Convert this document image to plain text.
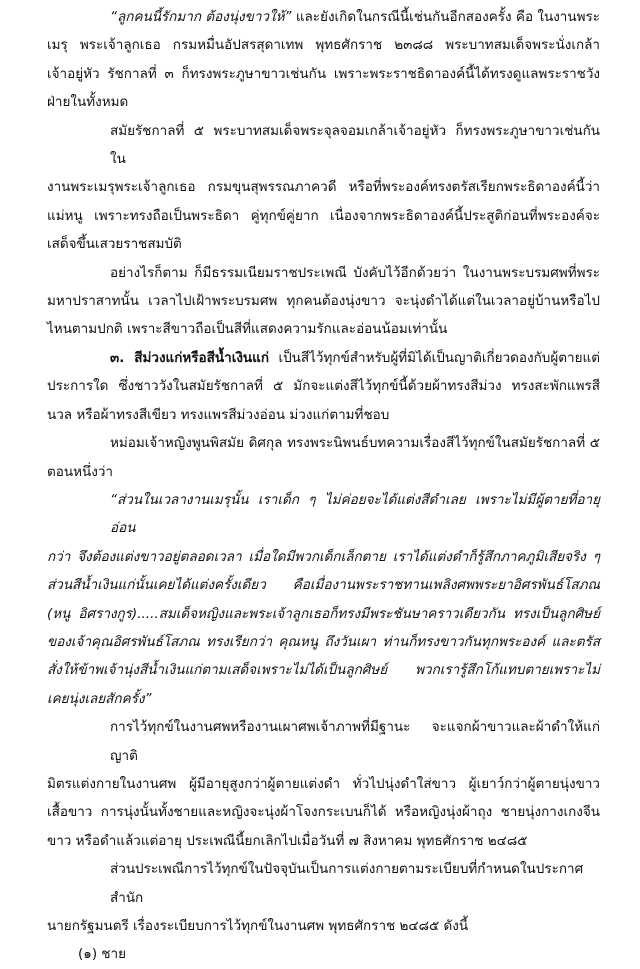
“ลูกคนนี้รักมาก ต้องนุ่งขาวให้” และยังเกิดในกรณีนี้เช่นกันอีกสองครั้ง คือ ในงานพระ
เมรุ พระเจ้าลูกเธอ กรมหมื่นอัปสรสุดาเทพ พุทธศักราช ๒๓๘๘ พระบาทสมเด็จพระนั่งเกล้า
เจ้าอยู่หัว รัชกาลที่ ๓ ก็ทรงพระภูษาขาวเช่นกัน เพราะพระราชธิดาองค์นี้ได้ทรงดูแลพระราชวัง
ฝ่ายในทั้งหมด
สมัยรัชกาลที่ ๕ พระบาทสมเด็จพระจุลจอมเกล้าเจ้าอยู่หัว ก็ทรงพระภูษาขาวเช่นกัน ใน
งานพระเมรุพระเจ้าลูกเธอ กรมขุนสุพรรณภาควดี หรือที่พระองค์ทรงตรัสเรียกพระธิดาองค์นี้ว่า
แม่หนู เพราะทรงถือเป็นพระธิดา คู่ทุกข์คู่ยาก เนื่องจากพระธิดาองค์นี้ประสูติก่อนที่พระองค์จะ
เสด็จขึ้นเสวยราชสมบัติ
อย่างไรก็ตาม ก็มีธรรมเนียมราชประเพณี บังคับไว้อีกด้วยว่า ในงานพระบรมศพที่พระ
มหาปราสาทนั้น เวลาไปเฝ้าพระบรมศพ ทุกคนต้องนุ่งขาว จะนุ่งดำได้แต่ในเวลาอยู่บ้านหรือไป
ไหนตามปกติ เพราะสีขาวถือเป็นสีที่แสดงความรักและอ่อนน้อมเท่านั้น
๓. สีม่วงแก่หรือสีน้ำเงินแก่ เป็นสีไว้ทุกข์สำหรับผู้ที่มิได้เป็นญาติเกี่ยวดองกับผู้ตายแต่
ประการใด ซึ่งชาววังในสมัยรัชกาลที่ ๕ มักจะแต่งสีไว้ทุกข์นี้ด้วยผ้าทรงสีม่วง ทรงสะพักแพรสี
นวล หรือผ้าทรงสีเขียว ทรงแพรสีม่วงอ่อน ม่วงแก่ตามที่ชอบ
หม่อมเจ้าหญิงพูนพิสมัย ดิศกุล ทรงพระนิพนธ์บทความเรื่องสีไว้ทุกข์ในสมัยรัชกาลที่ ๕
ตอนหนึ่งว่า
“ส่วนในเวลางานเมรุนั้น เราเด็ก ๆ ไม่ค่อยจะได้แต่งสีดำเลย เพราะไม่มีผู้ตายที่อายุอ่อน
กว่า จึงต้องแต่งขาวอยู่ตลอดเวลา เมื่อใดมีพวกเด็กเล็กตาย เราได้แต่งดำก็รู้สึกภาคภูมิเสียจริง ๆ
ส่วนสีน้ำเงินแก่นั้นเคยได้แต่งครั้งเดียว คือเมื่องานพระราชทานเพลิงศพพระยาอิศรพันธ์โสภณ
(หนู อิศรางกูร).....สมเด็จหญิงและพระเจ้าลูกเธอก็ทรงมีพระชันษาคราวเดียวกัน ทรงเป็นลูกศิษย์
ของเจ้าคุณอิศรพันธ์โสภณ ทรงเรียกว่า คุณหนู ถึงวันเผา ท่านก็ทรงขาวกันทุกพระองค์ และตรัส
สั่งให้ข้าพเจ้านุ่งสีน้ำเงินแก่ตามเสด็จเพราะไม่ได้เป็นลูกศิษย์ พวกเรารู้สึกโก้แทบตายเพราะไม่
เคยนุ่งเลยสักครั้ง”
การไว้ทุกข์ในงานศพหรืองานเผาศพเจ้าภาพที่มีฐานะ จะแจกผ้าขาวและผ้าดำให้แก่ญาติ
มิตรแต่งกายในงานศพ ผู้มีอายุสูงกว่าผู้ตายแต่งดำ ทั่วไปนุ่งดำใส่ขาว ผู้เยาว์กว่าผู้ตายนุ่งขาว
เสื้อขาว การนุ่งนั้นทั้งชายและหญิงจะนุ่งผ้าโจงกระเบนก็ได้ หรือหญิงนุ่งผ้าถุง ชายนุ่งกางเกงจีน
ขาว หรือดำแล้วแต่อายุ ประเพณีนี้ยกเลิกไปเมื่อวันที่ ๗ สิงหาคม พุทธศักราช ๒๔๘๕
ส่วนประเพณีการไว้ทุกข์ในปัจจุบันเป็นการแต่งกายตามระเบียบที่กำหนดในประกาศสำนัก
นายกรัฐมนตรี เรื่องระเบียบการไว้ทุกข์ในงานศพ พุทธศักราช ๒๔๘๕ ดังนี้
(๑) ชาย
